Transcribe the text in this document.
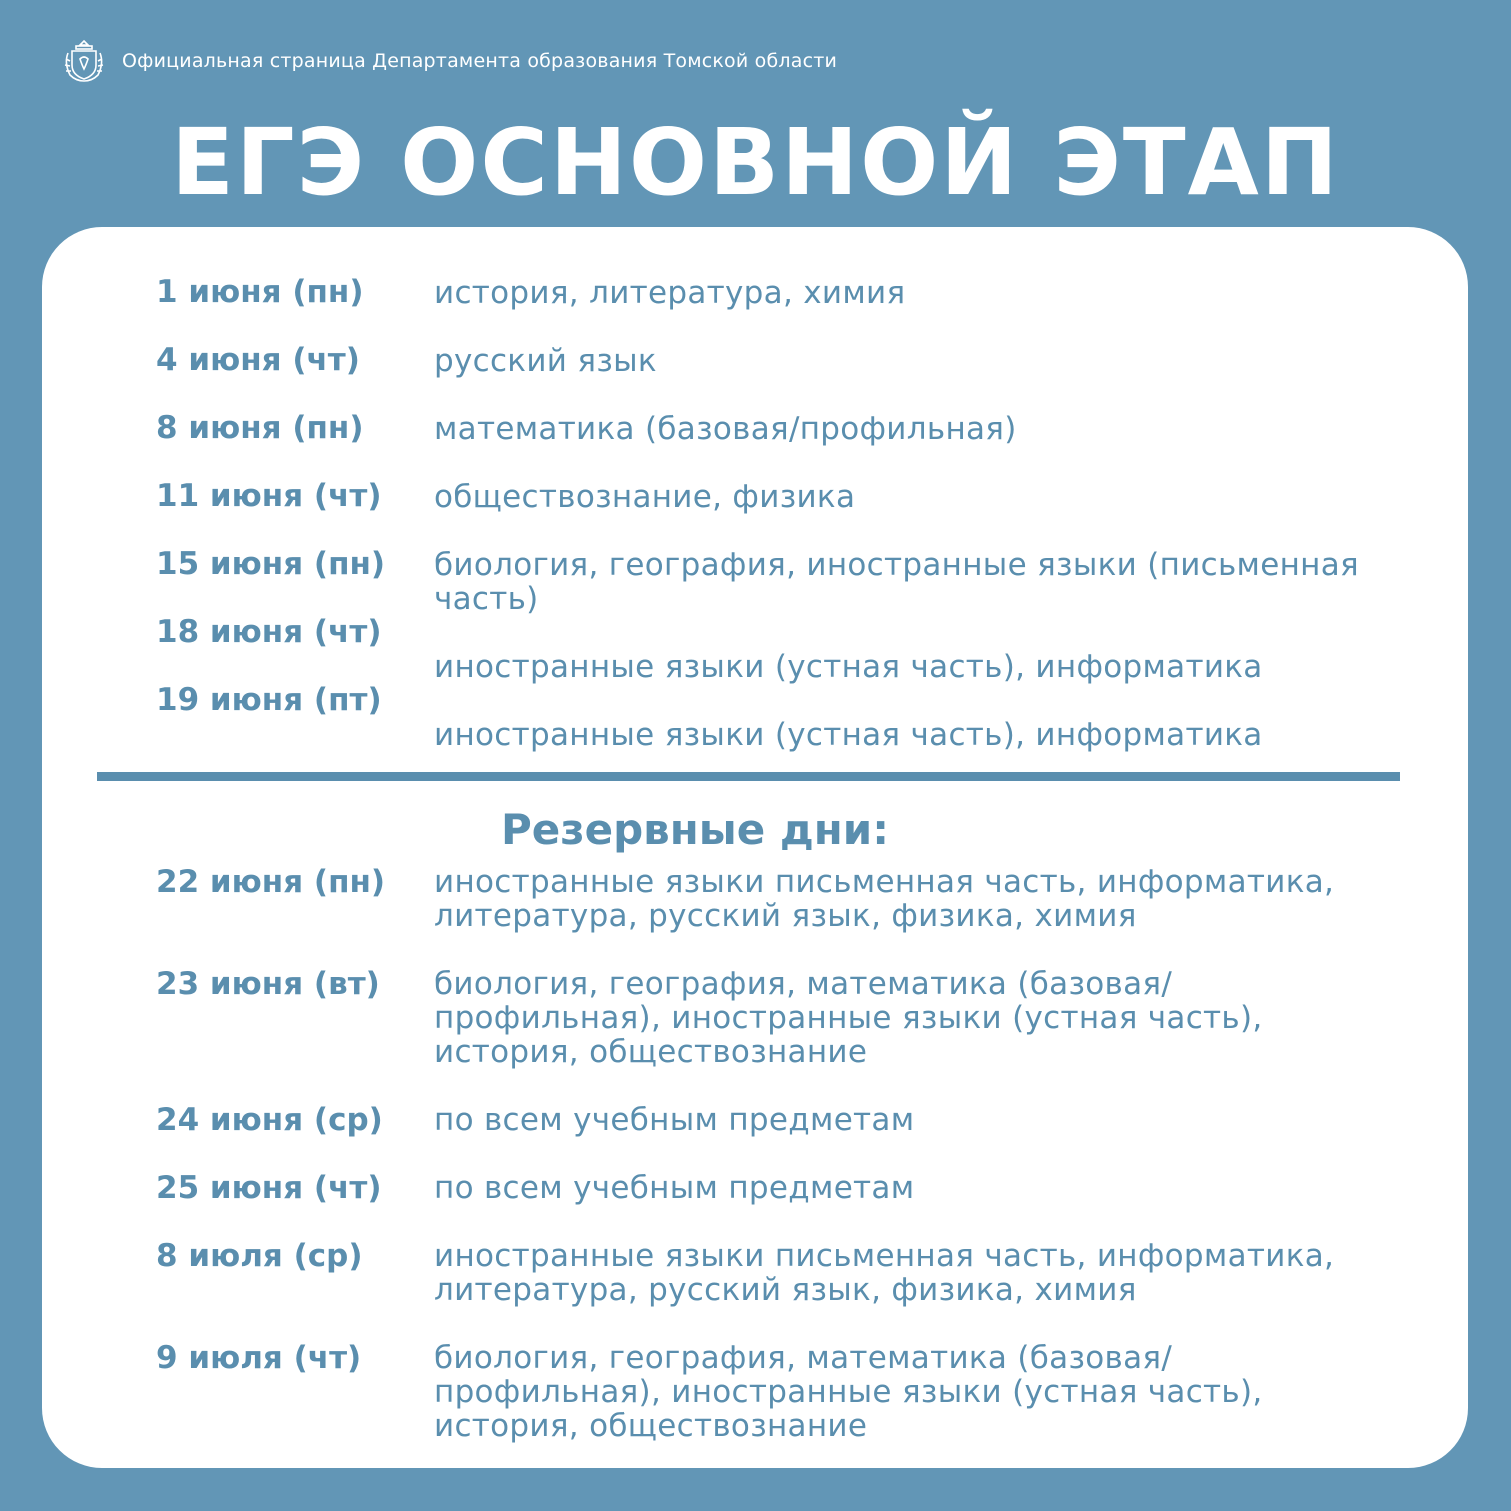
Официальная страница Департамента образования Томской области
ЕГЭ ОСНОВНОЙ ЭТАП
1 июня (пн)
4 июня (чт)
8 июня (пн)
11 июня (чт)
15 июня (пн)
18 июня (чт)
19 июня (пт)
история, литература, химия
русский язык
математика (базовая/профильная)
обществознание, физика
биология, география, иностранные языки (письменная часть)
иностранные языки (устная часть), информатика
иностранные языки (устная часть), информатика
Резервные дни:
22 июня (пн) иностранные языки письменная часть, информатика, литература, русский язык, физика, химия
23 июня (вт) биология, география, математика (базовая/ профильная), иностранные языки (устная часть), история, обществознание
24 июня (ср) по всем учебным предметам
25 июня (чт) по всем учебным предметам
8 июля (ср) иностранные языки письменная часть, информатика, литература, русский язык, физика, химия
9 июля (чт) биология, география, математика (базовая/ профильная), иностранные языки (устная часть), история, обществознание
